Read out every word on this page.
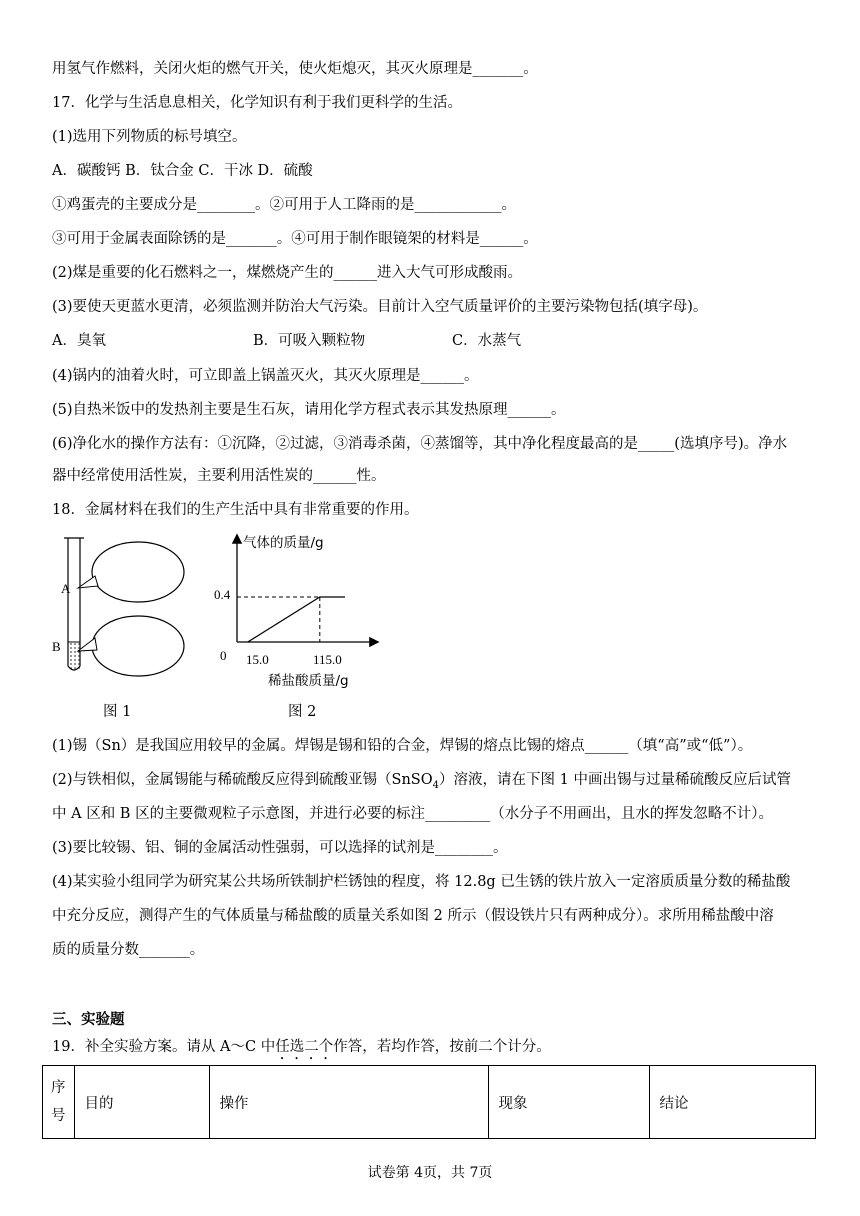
用氢气作燃料，关闭火炬的燃气开关，使火炬熄灭，其灭火原理是_______。
17．化学与生活息息相关，化学知识有利于我们更科学的生活。
(1)选用下列物质的标号填空。
A．碳酸钙 B．钛合金 C．干冰 D．硫酸
①鸡蛋壳的主要成分是________。②可用于人工降雨的是____________。
③可用于金属表面除锈的是_______。④可用于制作眼镜架的材料是______。
(2)煤是重要的化石燃料之一，煤燃烧产生的______进入大气可形成酸雨。
(3)要使天更蓝水更清，必须监测并防治大气污染。目前计入空气质量评价的主要污染物包括(填字母)。
A．臭氧	B．可吸入颗粒物	C．水蒸气
(4)锅内的油着火时，可立即盖上锅盖灭火，其灭火原理是______。
(5)自热米饭中的发热剂主要是生石灰，请用化学方程式表示其发热原理______。
(6)净化水的操作方法有：①沉降，②过滤，③消毒杀菌，④蒸馏等，其中净化程度最高的是_____(选填序号)。净水
器中经常使用活性炭，主要利用活性炭的______性。
18．金属材料在我们的生产生活中具有非常重要的作用。
A
B
图 1
气体的质量/g
0.4
0 15.0	115.0
稀盐酸质量/g
图 2
(1)锡（Sn）是我国应用较早的金属。焊锡是锡和铅的合金，焊锡的熔点比锡的熔点______（填“高”或“低”）。
(2)与铁相似，金属锡能与稀硫酸反应得到硫酸亚锡（SnSO$_4$）溶液，请在下图 1 中画出锡与过量稀硫酸反应后试管
中 A 区和 B 区的主要微观粒子示意图，并进行必要的标注_________（水分子不用画出，且水的挥发忽略不计）。
(3)要比较锡、铝、铜的金属活动性强弱，可以选择的试剂是________。
(4)某实验小组同学为研究某公共场所铁制护栏锈蚀的程度，将 12.8g 已生锈的铁片放入一定溶质质量分数的稀盐酸
中充分反应，测得产生的气体质量与稀盐酸的质量关系如图 2 所示（假设铁片只有两种成分）。求所用稀盐酸中溶
质的质量分数_______。
三、实验题
19．补全实验方案。请从 A～C 中任选二个作答，若均作答，按前二个计分。
序号	目的	操作	现象	结论
试卷第 4页，共 7页
